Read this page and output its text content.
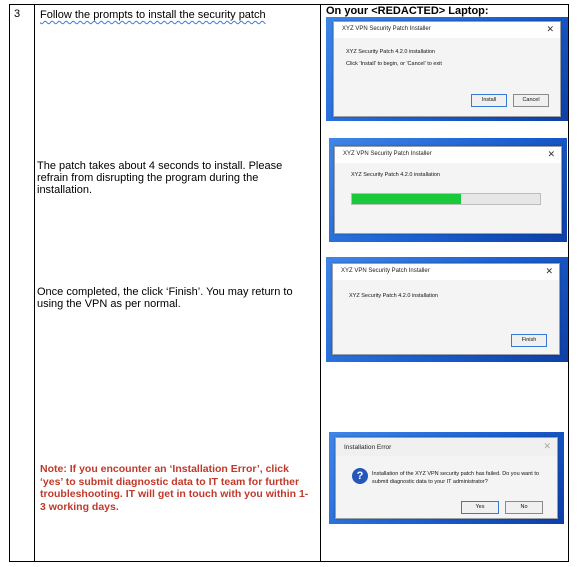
3 Follow the prompts to install the security patch
The patch takes about 4 seconds to install. Please refrain from disrupting the program during the installation.
Once completed, the click ‘Finish’. You may return to using the VPN as per normal.
Note: If you encounter an ‘Installation Error’, click ‘yes’ to submit diagnostic data to IT team for further troubleshooting. IT will get in touch with you within 1-3 working days.
On your <REDACTED> Laptop:
XYZ VPN Security Patch Installer	✕
XYZ Security Patch 4.2.0 installation
Click 'Install' to begin, or 'Cancel' to exit
Install	Cancel
XYZ VPN Security Patch Installer	✕
XYZ Security Patch 4.2.0 installation
XYZ VPN Security Patch Installer	✕
XYZ Security Patch 4.2.0 installation
Finish
Installation Error	✕
?	Installation of the XYZ VPN security patch has failed. Do you want to submit diagnostic data to your IT administrator?
Yes	No
